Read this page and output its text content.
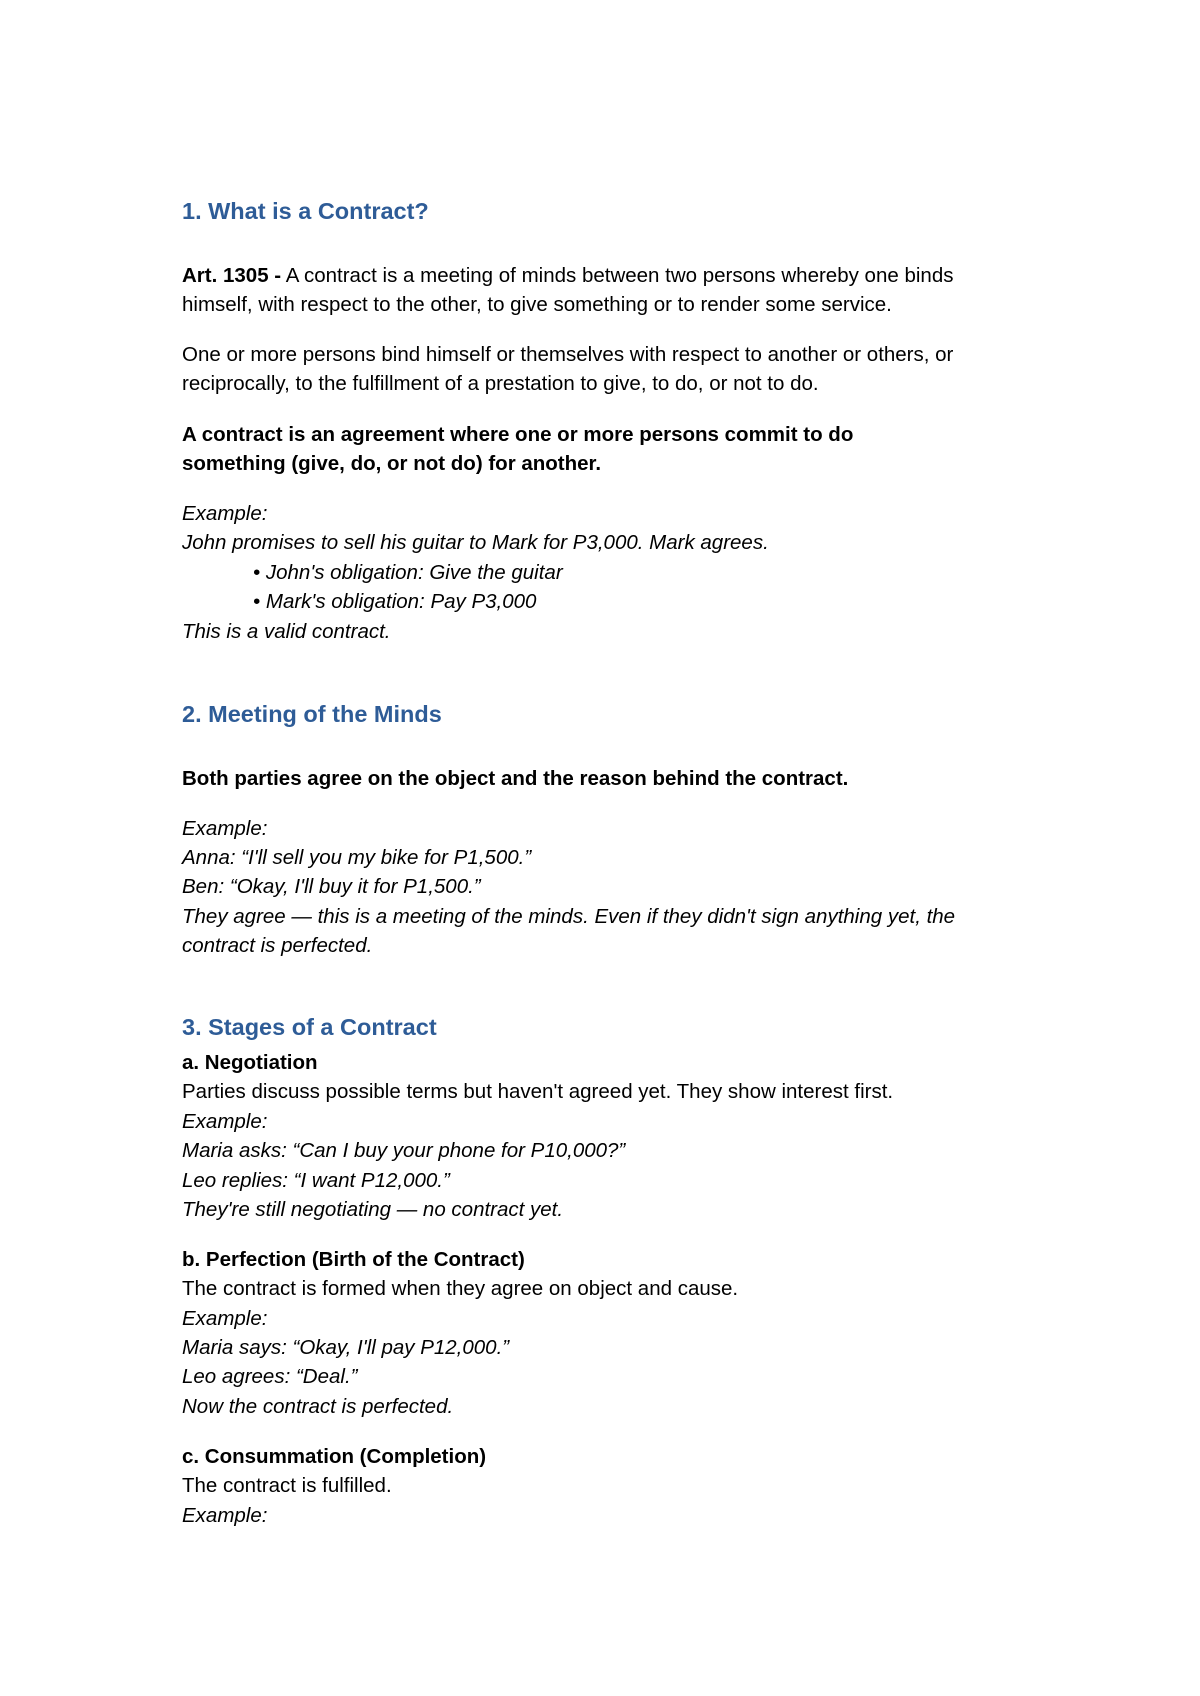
1. What is a Contract?

Art. 1305 - A contract is a meeting of minds between two persons whereby one binds

himself, with respect to the other, to give something or to render some service.

One or more persons bind himself or themselves with respect to another or others, or

reciprocally, to the fulfillment of a prestation to give, to do, or not to do.

A contract is an agreement where one or more persons commit to do

something (give, do, or not do) for another.

Example:

John promises to sell his guitar to Mark for P3,000. Mark agrees.

• John's obligation: Give the guitar

• Mark's obligation: Pay P3,000

This is a valid contract.

2. Meeting of the Minds

Both parties agree on the object and the reason behind the contract.

Example:

Anna: “I'll sell you my bike for P1,500.”

Ben: “Okay, I'll buy it for P1,500.”

They agree — this is a meeting of the minds. Even if they didn't sign anything yet, the

contract is perfected.

3. Stages of a Contract

a. Negotiation

Parties discuss possible terms but haven't agreed yet. They show interest first.

Example:

Maria asks: “Can I buy your phone for P10,000?”

Leo replies: “I want P12,000.”

They're still negotiating — no contract yet.

b. Perfection (Birth of the Contract)

The contract is formed when they agree on object and cause.

Example:

Maria says: “Okay, I'll pay P12,000.”

Leo agrees: “Deal.”

Now the contract is perfected.

c. Consummation (Completion)

The contract is fulfilled.

Example:
